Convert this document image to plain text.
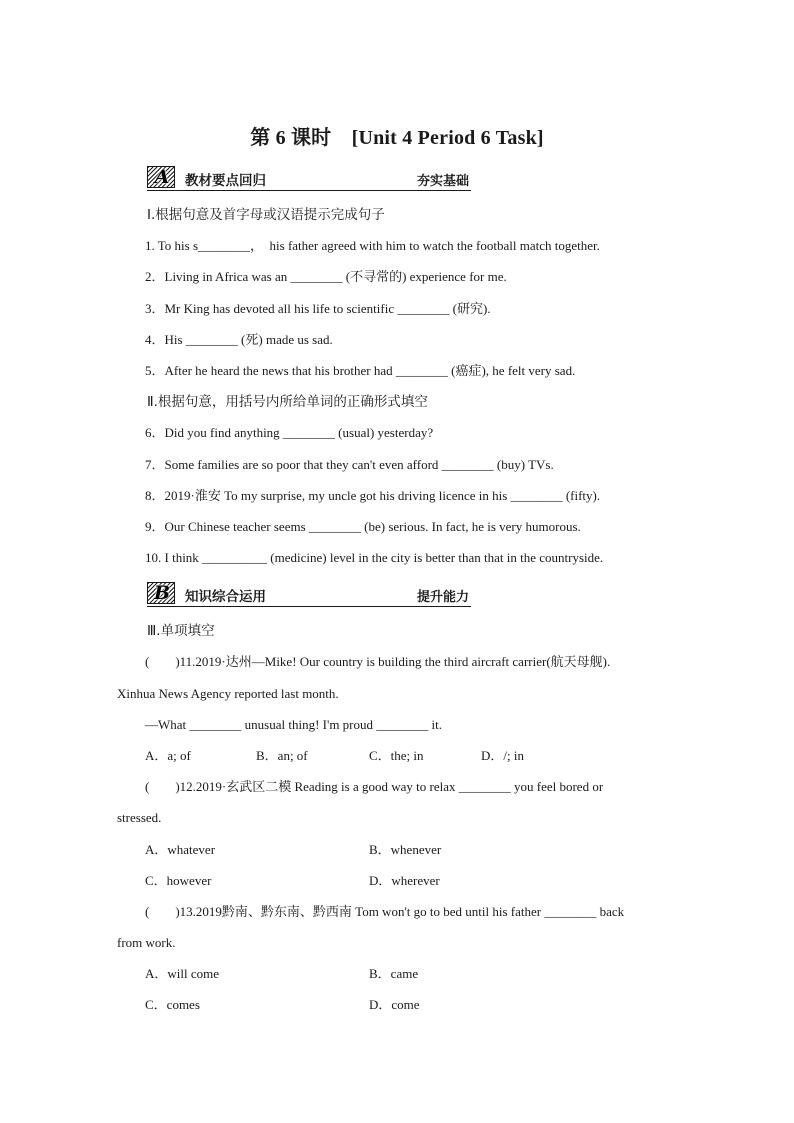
第 6 课时　[Unit 4 Period 6 Task]
A	教材要点回归	夯实基础
Ⅰ.根据句意及首字母或汉语提示完成句子
1. To his s________，　his father agreed with him to watch the football match together.
2．Living in Africa was an ________ (不寻常的) experience for me.
3．Mr King has devoted all his life to scientific ________ (研究).
4．His ________ (死) made us sad.
5．After he heard the news that his brother had ________ (癌症), he felt very sad.
Ⅱ.根据句意，用括号内所给单词的正确形式填空
6．Did you find anything ________ (usual) yesterday?
7．Some families are so poor that they can't even afford ________ (buy) TVs.
8．2019·淮安 To my surprise, my uncle got his driving licence in his ________ (fifty).
9．Our Chinese teacher seems ________ (be) serious. In fact, he is very humorous.
10. I think __________ (medicine) level in the city is better than that in the countryside.
B 知识综合运用	提升能力
Ⅲ.单项填空
(　　)11.2019·达州—Mike! Our country is building the third aircraft carrier(航天母舰).
Xinhua News Agency reported last month.
—What ________ unusual thing! I'm proud ________ it.
A．a; of	B．an; of	C．the; in	D．/; in
(　　)12.2019·玄武区二模 Reading is a good way to relax ________ you feel bored or
stressed.
A．whatever	B．whenever
C．however	D．wherever
(　　)13.2019黔南、黔东南、黔西南 Tom won't go to bed until his father ________ back
from work.
A．will come	B．came
C．comes	D．come
